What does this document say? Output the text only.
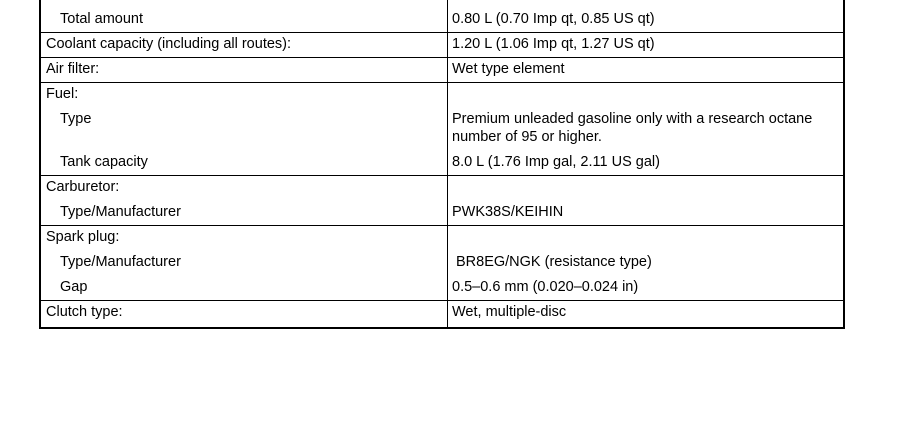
Total amount	0.80 L (0.70 Imp qt, 0.85 US qt)
Coolant capacity (including all routes):	1.20 L (1.06 Imp qt, 1.27 US qt)
Air filter:	Wet type element
Fuel:
Type	Premium unleaded gasoline only with a research octane
number of 95 or higher.
Tank capacity	8.0 L (1.76 Imp gal, 2.11 US gal)
Carburetor:
Type/Manufacturer	PWK38S/KEIHIN
Spark plug:
Type/Manufacturer	BR8EG/NGK (resistance type)
Gap	0.5–0.6 mm (0.020–0.024 in)
Clutch type:	Wet, multiple-disc
